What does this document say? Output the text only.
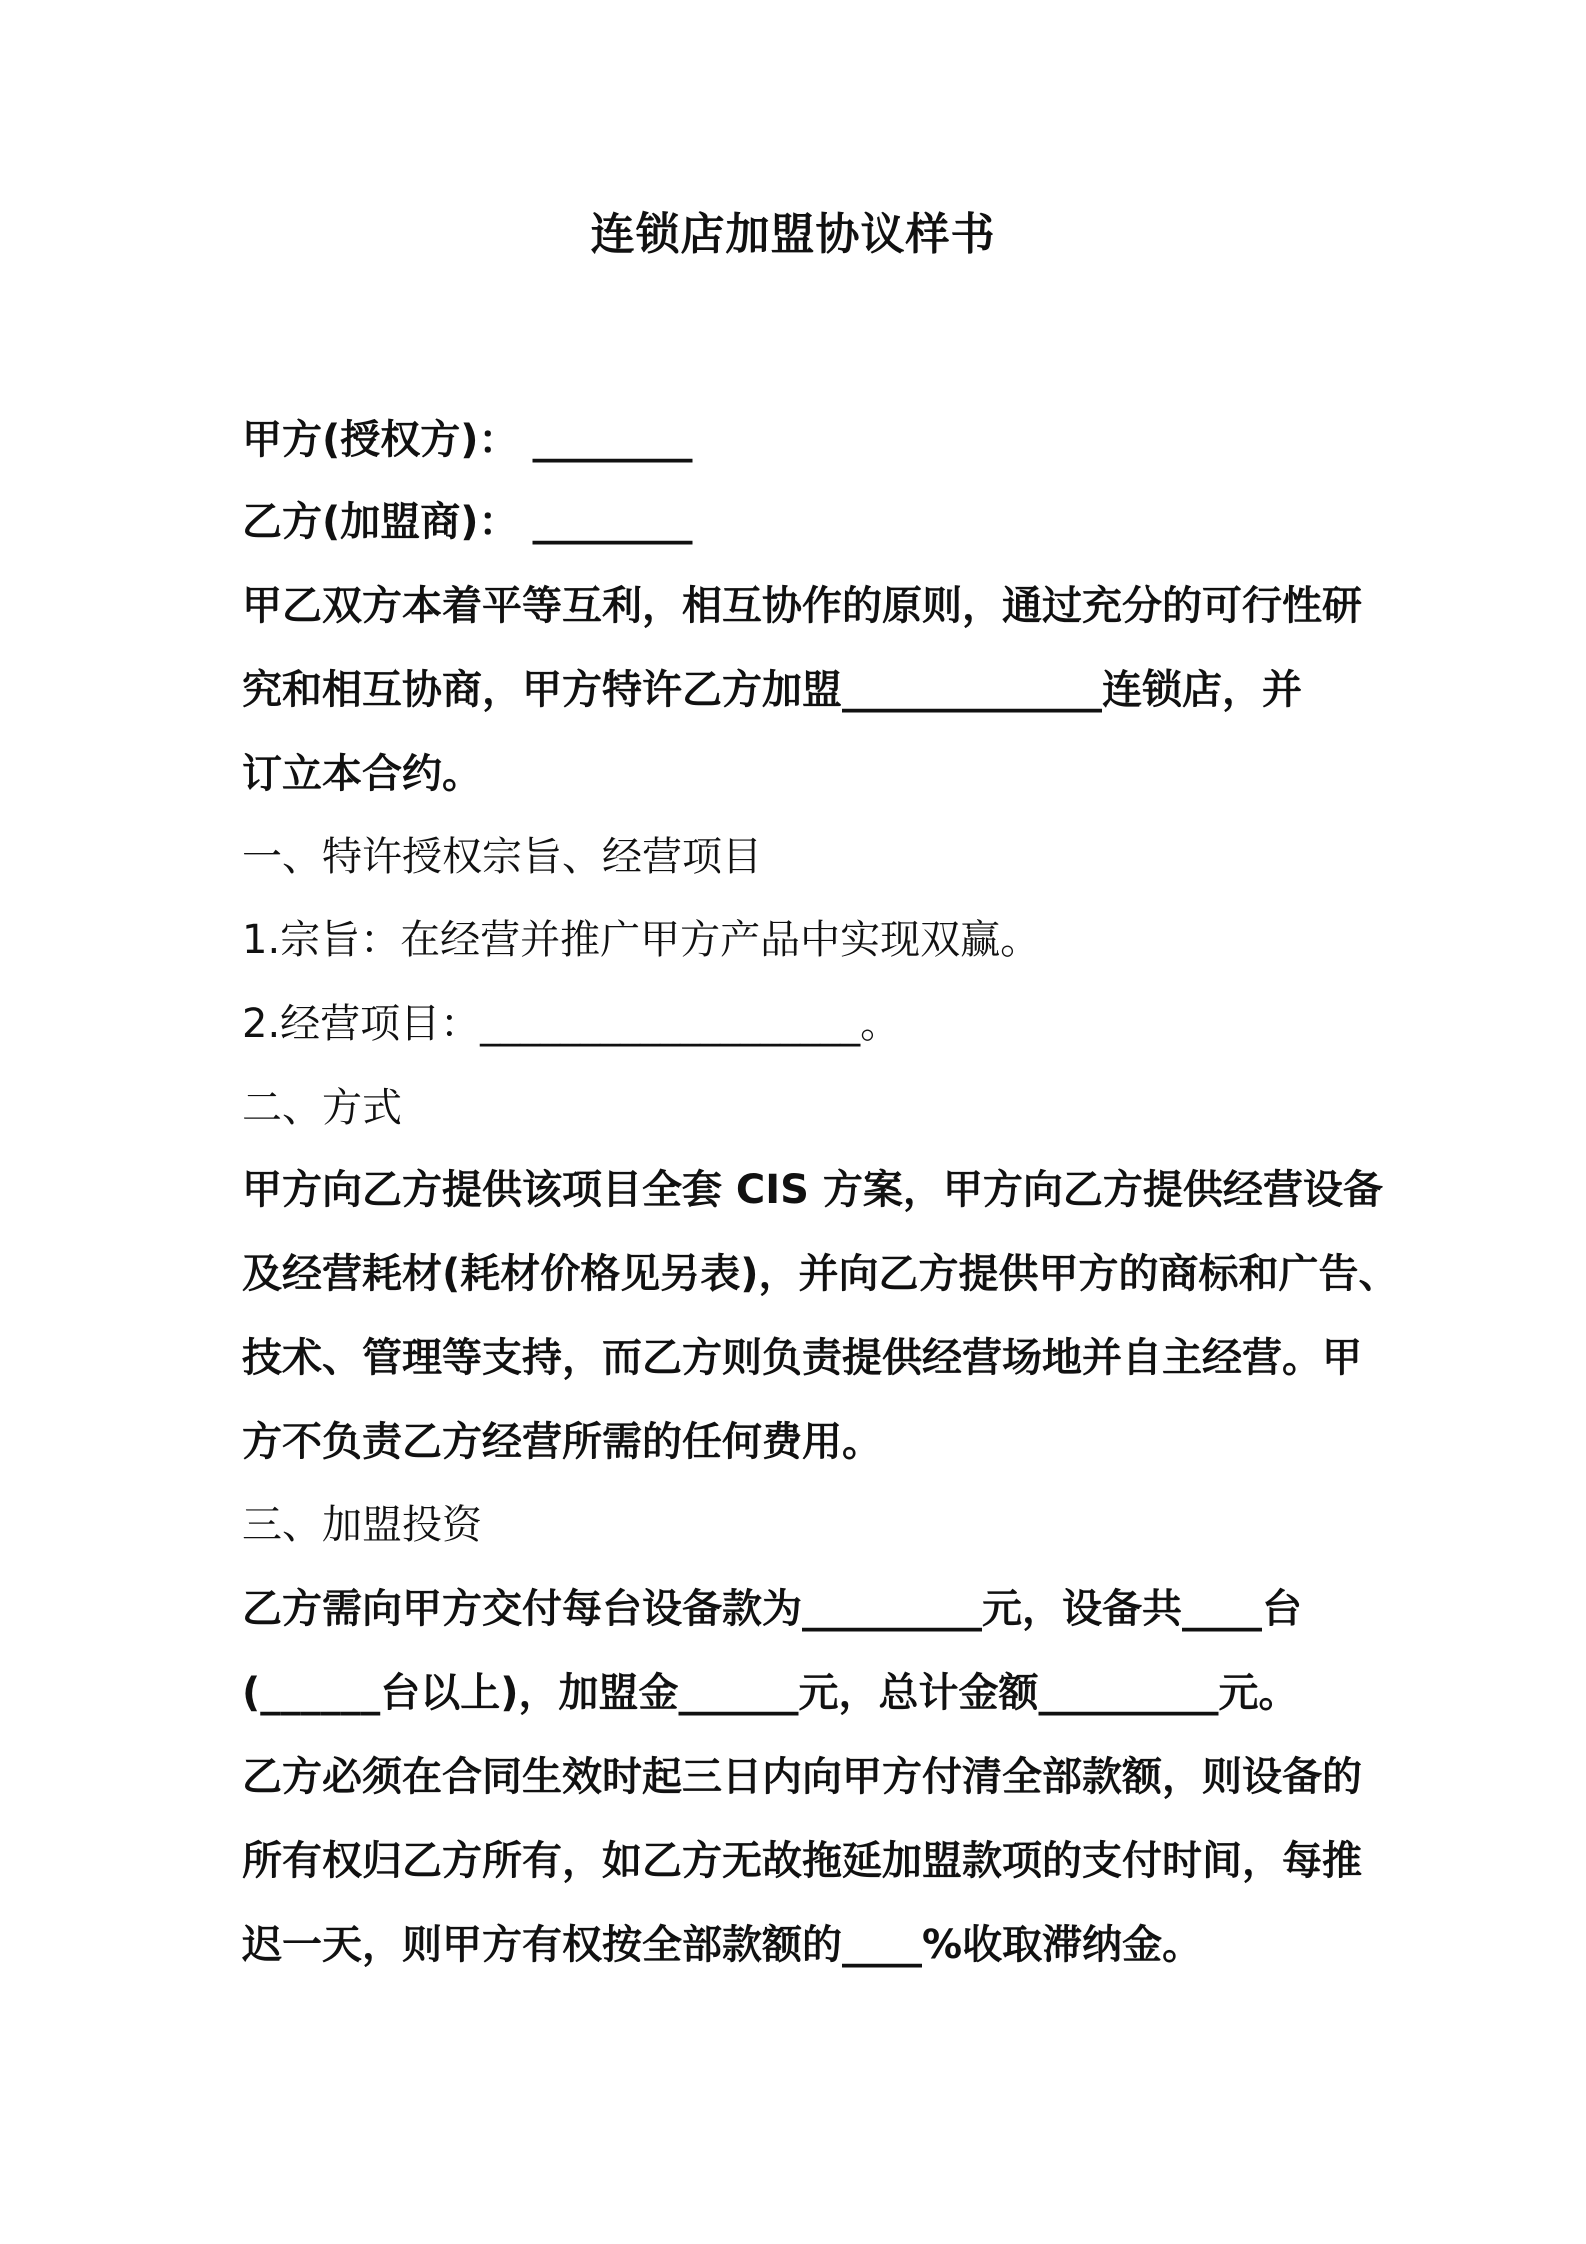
连锁店加盟协议样书
甲方(授权方)： ________
乙方(加盟商)： ________
甲乙双方本着平等互利，相互协作的原则，通过充分的可行性研
究和相互协商，甲方特许乙方加盟_____________连锁店，并
订立本合约。
一、特许授权宗旨、经营项目
1.宗旨：在经营并推广甲方产品中实现双赢。
2.经营项目：___________________。
二、方式
甲方向乙方提供该项目全套 CIS 方案，甲方向乙方提供经营设备
及经营耗材(耗材价格见另表)，并向乙方提供甲方的商标和广告、
技术、管理等支持，而乙方则负责提供经营场地并自主经营。甲
方不负责乙方经营所需的任何费用。
三、加盟投资
乙方需向甲方交付每台设备款为_________元，设备共____台
(______台以上)，加盟金______元，总计金额_________元。
乙方必须在合同生效时起三日内向甲方付清全部款额，则设备的
所有权归乙方所有，如乙方无故拖延加盟款项的支付时间，每推
迟一天，则甲方有权按全部款额的____%收取滞纳金。
